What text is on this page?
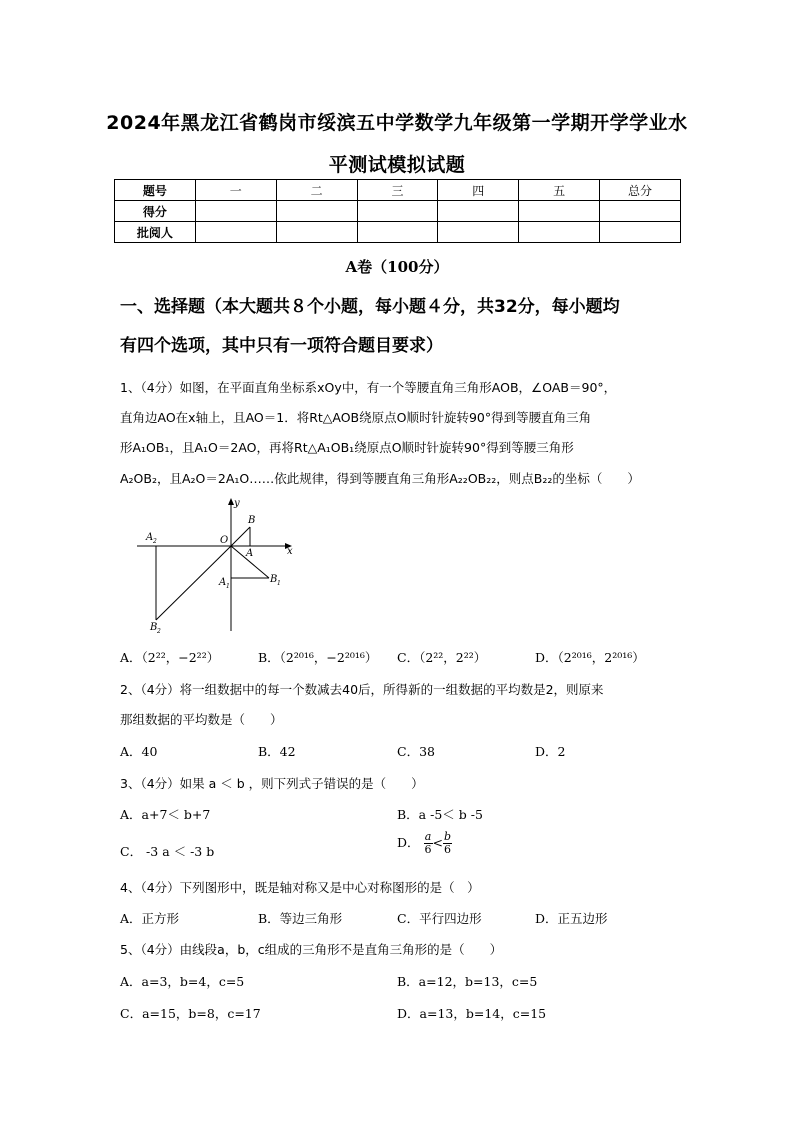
2024年黑龙江省鹤岗市绥滨五中学数学九年级第一学期开学学业水
平测试模拟试题
题号	一	二	三	四	五	总分
得分						
批阅人						
A卷（100分）
一、选择题（本大题共８个小题，每小题４分，共32分，每小题均
有四个选项，其中只有一项符合题目要求）
1、（4分）如图，在平面直角坐标系xOy中，有一个等腰直角三角形AOB，∠OAB＝90°，
直角边AO在x轴上，且AO＝1．将Rt△AOB绕原点O顺时针旋转90°得到等腰直角三角
形A₁OB₁，且A₁O＝2AO，再将Rt△A₁OB₁绕原点O顺时针旋转90°得到等腰三角形
A₂OB₂，且A₂O＝2A₁O……依此规律，得到等腰直角三角形A₂₂OB₂₂，则点B₂₂的坐标（　　）
y
x
O
A
B
A 1
B 1
A 2
B 2
A．（2²²，−2²²）	B．（2²⁰¹⁶，−2²⁰¹⁶） C．（2²²，2²²）	D．（2²⁰¹⁶，2²⁰¹⁶）
2、（4分）将一组数据中的每一个数减去40后，所得新的一组数据的平均数是2，则原来
那组数据的平均数是（　　）
A．40	B．42	C．38	D．2
3、（4分）如果 a ＜ b ，则下列式子错误的是（　　）
A．a+7＜ b+7	B．a -5＜ b -5
C． -3 a ＜ -3 b
D． $\frac{a}{6} < \frac{b}{6}$
4、（4分）下列图形中，既是轴对称又是中心对称图形的是（　）
A．正方形	B．等边三角形	C．平行四边形	D．正五边形
5、（4分）由线段a，b，c组成的三角形不是直角三角形的是（　　）
A．a=3，b=4，c=5	B．a=12，b=13，c=5
C．a=15，b=8，c=17	D．a=13，b=14，c=15
